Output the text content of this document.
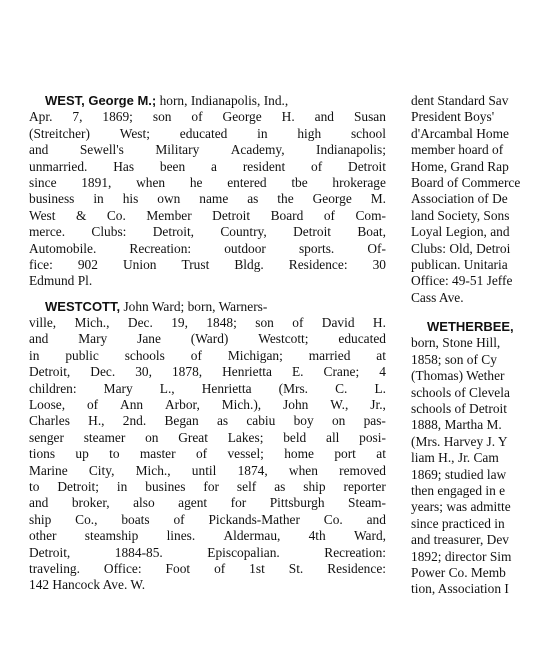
WEST, George M.; horn, Indianapolis, Ind.,
Apr. 7, 1869; son of George H. and Susan
(Streitcher) West; educated in high school
and Sewell's Military Academy, Indianapolis;
unmarried. Has been a resident of Detroit
since 1891, when he entered tbe hrokerage
business in his own name as the George M.
West & Co. Member Detroit Board of Com-
merce. Clubs: Detroit, Country, Detroit Boat,
Automobile. Recreation: outdoor sports. Of-
fice: 902 Union Trust Bldg. Residence: 30
Edmund Pl.
WESTCOTT, John Ward; born, Warners-
ville, Mich., Dec. 19, 1848; son of David H.
and Mary Jane (Ward) Westcott; educated
in public schools of Michigan; married at
Detroit, Dec. 30, 1878, Henrietta E. Crane; 4
children: Mary L., Henrietta (Mrs. C. L.
Loose, of Ann Arbor, Mich.), John W., Jr.,
Charles H., 2nd. Began as cabiu boy on pas-
senger steamer on Great Lakes; beld all posi-
tions up to master of vessel; home port at
Marine City, Mich., until 1874, when removed
to Detroit; in busines for self as ship reporter
and broker, also agent for Pittsburgh Steam-
ship Co., boats of Pickands-Mather Co. and
other steamship lines. Aldermau, 4th Ward,
Detroit,	1884-85.	Episcopalian.	Recreation:
traveling. Office: Foot of 1st St. Residence:
142 Hancock Ave. W.
dent Standard Sav
President Boys'
d'Arcambal Home
member hoard of
Home, Grand Rap
Board of Commerce
Association of De
land Society, Sons
Loyal Legion, and
Clubs: Old, Detroi
publican. Unitaria
Office: 49-51 Jeffe
Cass Ave.
WETHERBEE,
born, Stone Hill,
1858; son of Cy
(Thomas) Wether
schools of Clevela
schools of Detroit
1888, Martha M.
(Mrs. Harvey J. Y
liam H., Jr. Cam
1869; studied law
then engaged in e
years; was admitte
since practiced in
and treasurer, Dev
1892; director Sim
Power Co. Memb
tion, Association I
